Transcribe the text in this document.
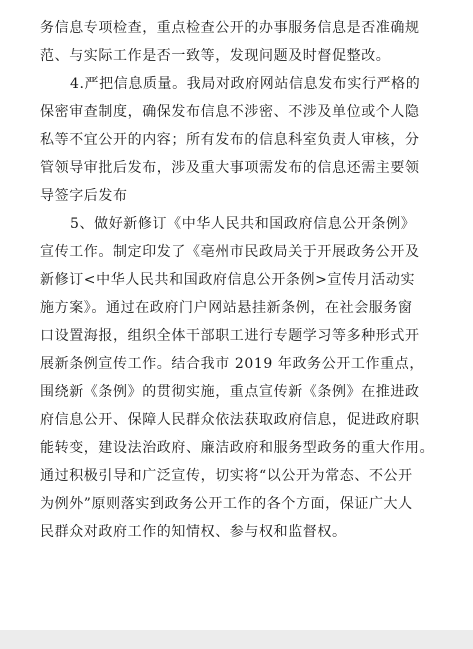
务信息专项检查，重点检查公开的办事服务信息是否准确规
范、与实际工作是否一致等，发现问题及时督促整改。
4.严把信息质量。我局对政府网站信息发布实行严格的
保密审查制度，确保发布信息不涉密、不涉及单位或个人隐
私等不宜公开的内容；所有发布的信息科室负责人审核，分
管领导审批后发布，涉及重大事项需发布的信息还需主要领
导签字后发布
5、做好新修订《中华人民共和国政府信息公开条例》
宣传工作。制定印发了《亳州市民政局关于开展政务公开及
新修订<中华人民共和国政府信息公开条例>宣传月活动实
施方案》。通过在政府门户网站悬挂新条例，在社会服务窗
口设置海报，组织全体干部职工进行专题学习等多种形式开
展新条例宣传工作。结合我市 2019 年政务公开工作重点，
围绕新《条例》的贯彻实施，重点宣传新《条例》在推进政
府信息公开、保障人民群众依法获取政府信息，促进政府职
能转变，建设法治政府、廉洁政府和服务型政务的重大作用。
通过积极引导和广泛宣传，切实将“以公开为常态、不公开
为例外”原则落实到政务公开工作的各个方面，保证广大人
民群众对政府工作的知情权、参与权和监督权。
